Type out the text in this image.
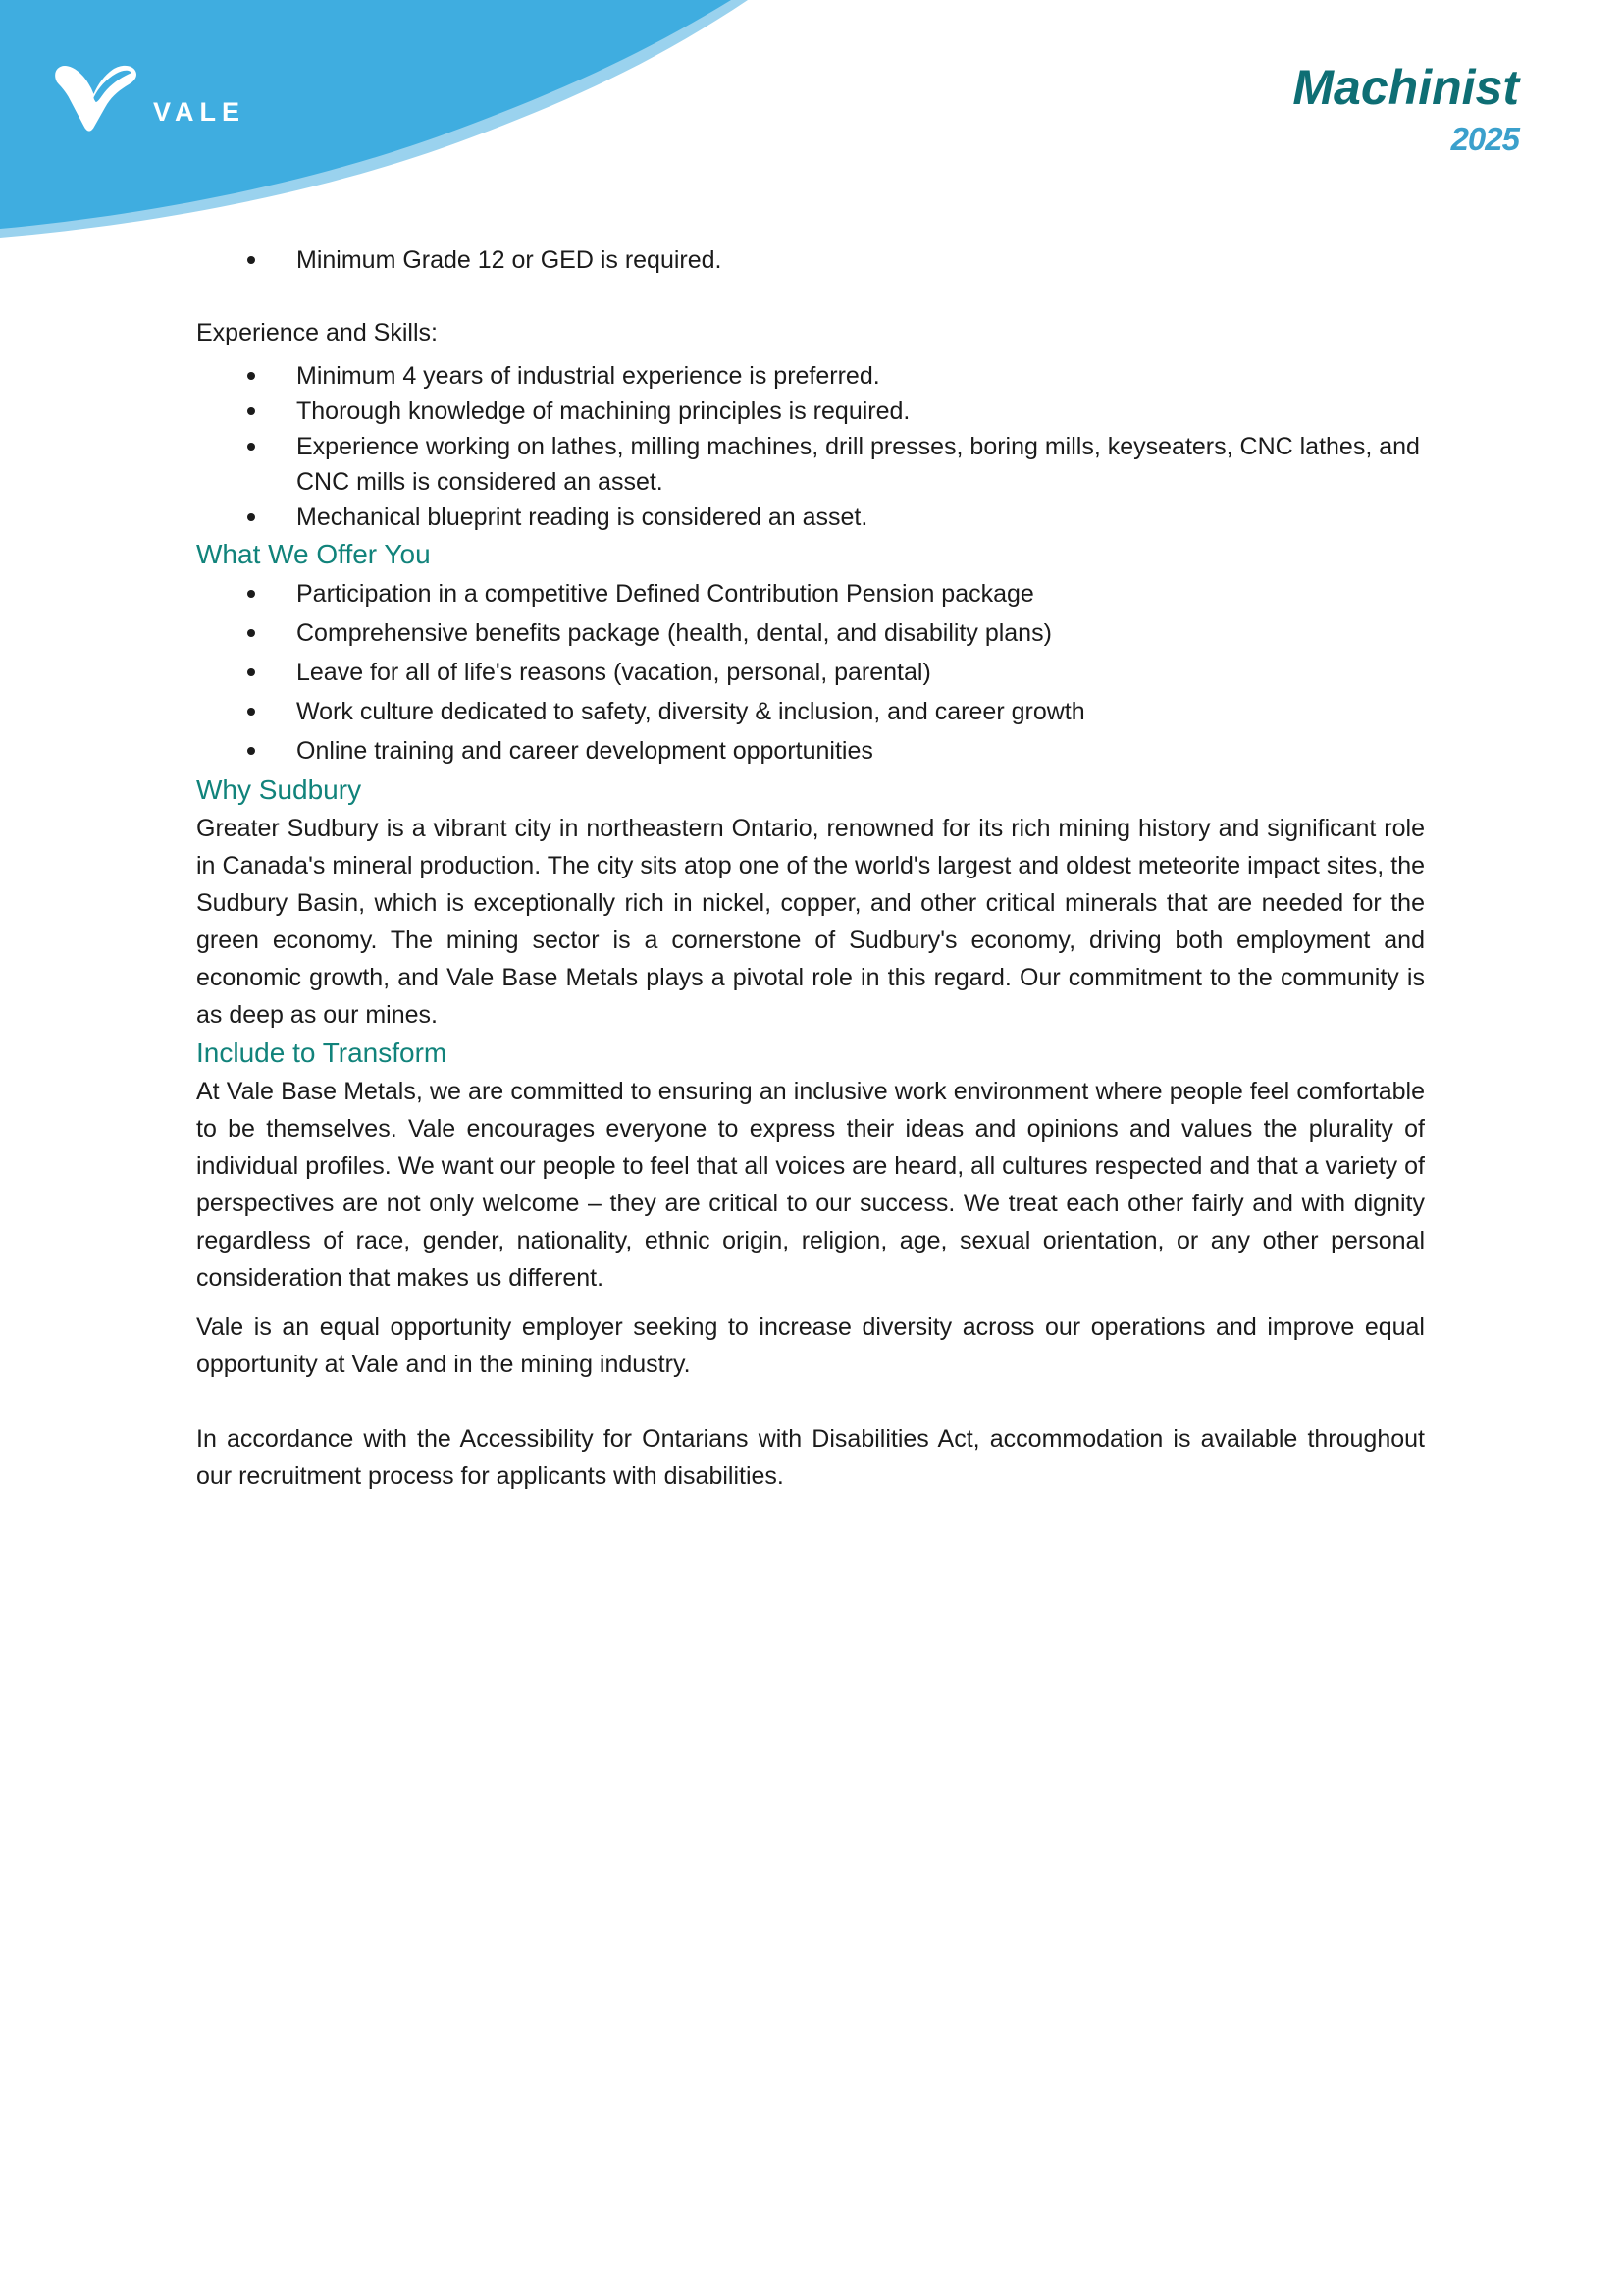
VALE	Machinist
2025
Minimum Grade 12 or GED is required.
Experience and Skills:
Minimum 4 years of industrial experience is preferred.
Thorough knowledge of machining principles is required.
Experience working on lathes, milling machines, drill presses, boring mills, keyseaters, CNC lathes, and CNC mills is considered an asset.
Mechanical blueprint reading is considered an asset.
What We Offer You
Participation in a competitive Defined Contribution Pension package
Comprehensive benefits package (health, dental, and disability plans)
Leave for all of life's reasons (vacation, personal, parental)
Work culture dedicated to safety, diversity & inclusion, and career growth
Online training and career development opportunities
Why Sudbury

Greater Sudbury is a vibrant city in northeastern Ontario, renowned for its rich mining history and significant role in Canada's mineral production. The city sits atop one of the world's largest and oldest meteorite impact sites, the Sudbury Basin, which is exceptionally rich in nickel, copper, and other critical minerals that are needed for the green economy. The mining sector is a cornerstone of Sudbury's economy, driving both employment and economic growth, and Vale Base Metals plays a pivotal role in this regard. Our commitment to the community is as deep as our mines.

Include to Transform

At Vale Base Metals, we are committed to ensuring an inclusive work environment where people feel comfortable to be themselves. Vale encourages everyone to express their ideas and opinions and values the plurality of individual profiles. We want our people to feel that all voices are heard, all cultures respected and that a variety of perspectives are not only welcome – they are critical to our success. We treat each other fairly and with dignity regardless of race, gender, nationality, ethnic origin, religion, age, sexual orientation, or any other personal consideration that makes us different.

Vale is an equal opportunity employer seeking to increase diversity across our operations and improve equal opportunity at Vale and in the mining industry.

In accordance with the Accessibility for Ontarians with Disabilities Act, accommodation is available throughout our recruitment process for applicants with disabilities.
